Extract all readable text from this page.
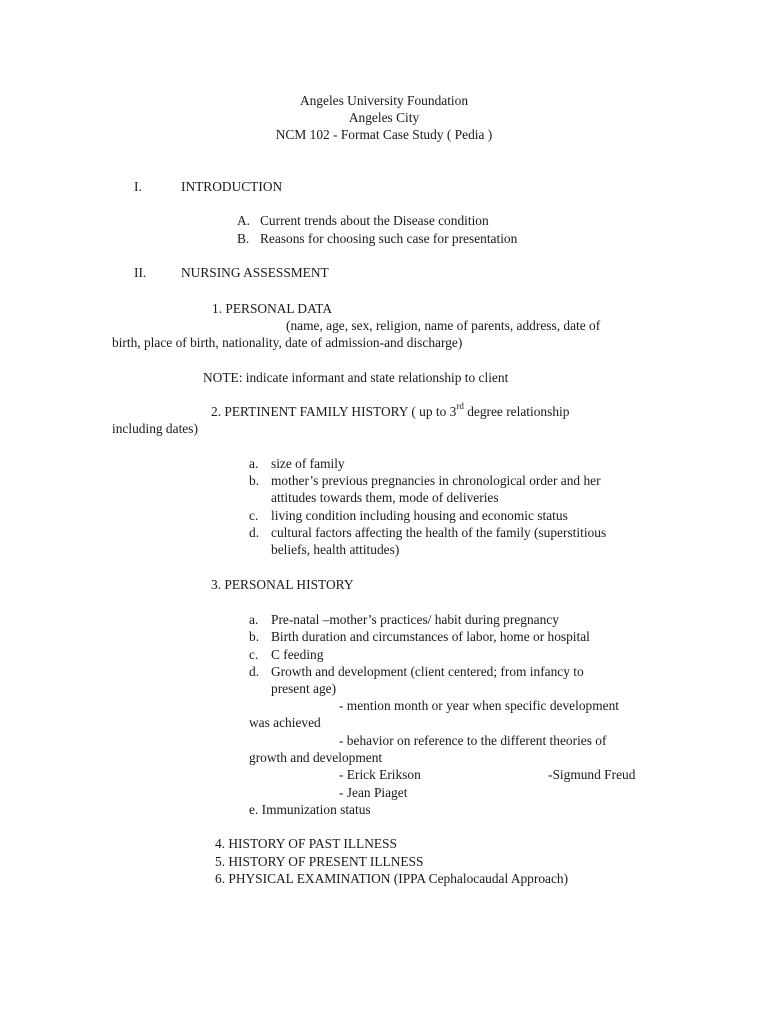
Angeles University Foundation
Angeles City
NCM 102 - Format Case Study ( Pedia )
I.	INTRODUCTION
A. Current trends about the Disease condition
B. Reasons for choosing such case for presentation
II.	NURSING ASSESSMENT
1. PERSONAL DATA
(name, age, sex, religion, name of parents, address, date of
birth, place of birth, nationality, date of admission-and discharge)
NOTE: indicate informant and state relationship to client
2. PERTINENT FAMILY HISTORY ( up to 3rd degree relationship
including dates)
a. size of family
b. mother’s previous pregnancies in chronological order and her
attitudes towards them, mode of deliveries
c. living condition including housing and economic status
d. cultural factors affecting the health of the family (superstitious
beliefs, health attitudes)
3. PERSONAL HISTORY
a. Pre-natal –mother’s practices/ habit during pregnancy
b. Birth duration and circumstances of labor, home or hospital
c. C feeding
d. Growth and development (client centered; from infancy to
present age)
- mention month or year when specific development
was achieved
- behavior on reference to the different theories of
growth and development
- Erick Erikson	-Sigmund Freud
- Jean Piaget
e. Immunization status
4. HISTORY OF PAST ILLNESS
5. HISTORY OF PRESENT ILLNESS
6. PHYSICAL EXAMINATION (IPPA Cephalocaudal Approach)
